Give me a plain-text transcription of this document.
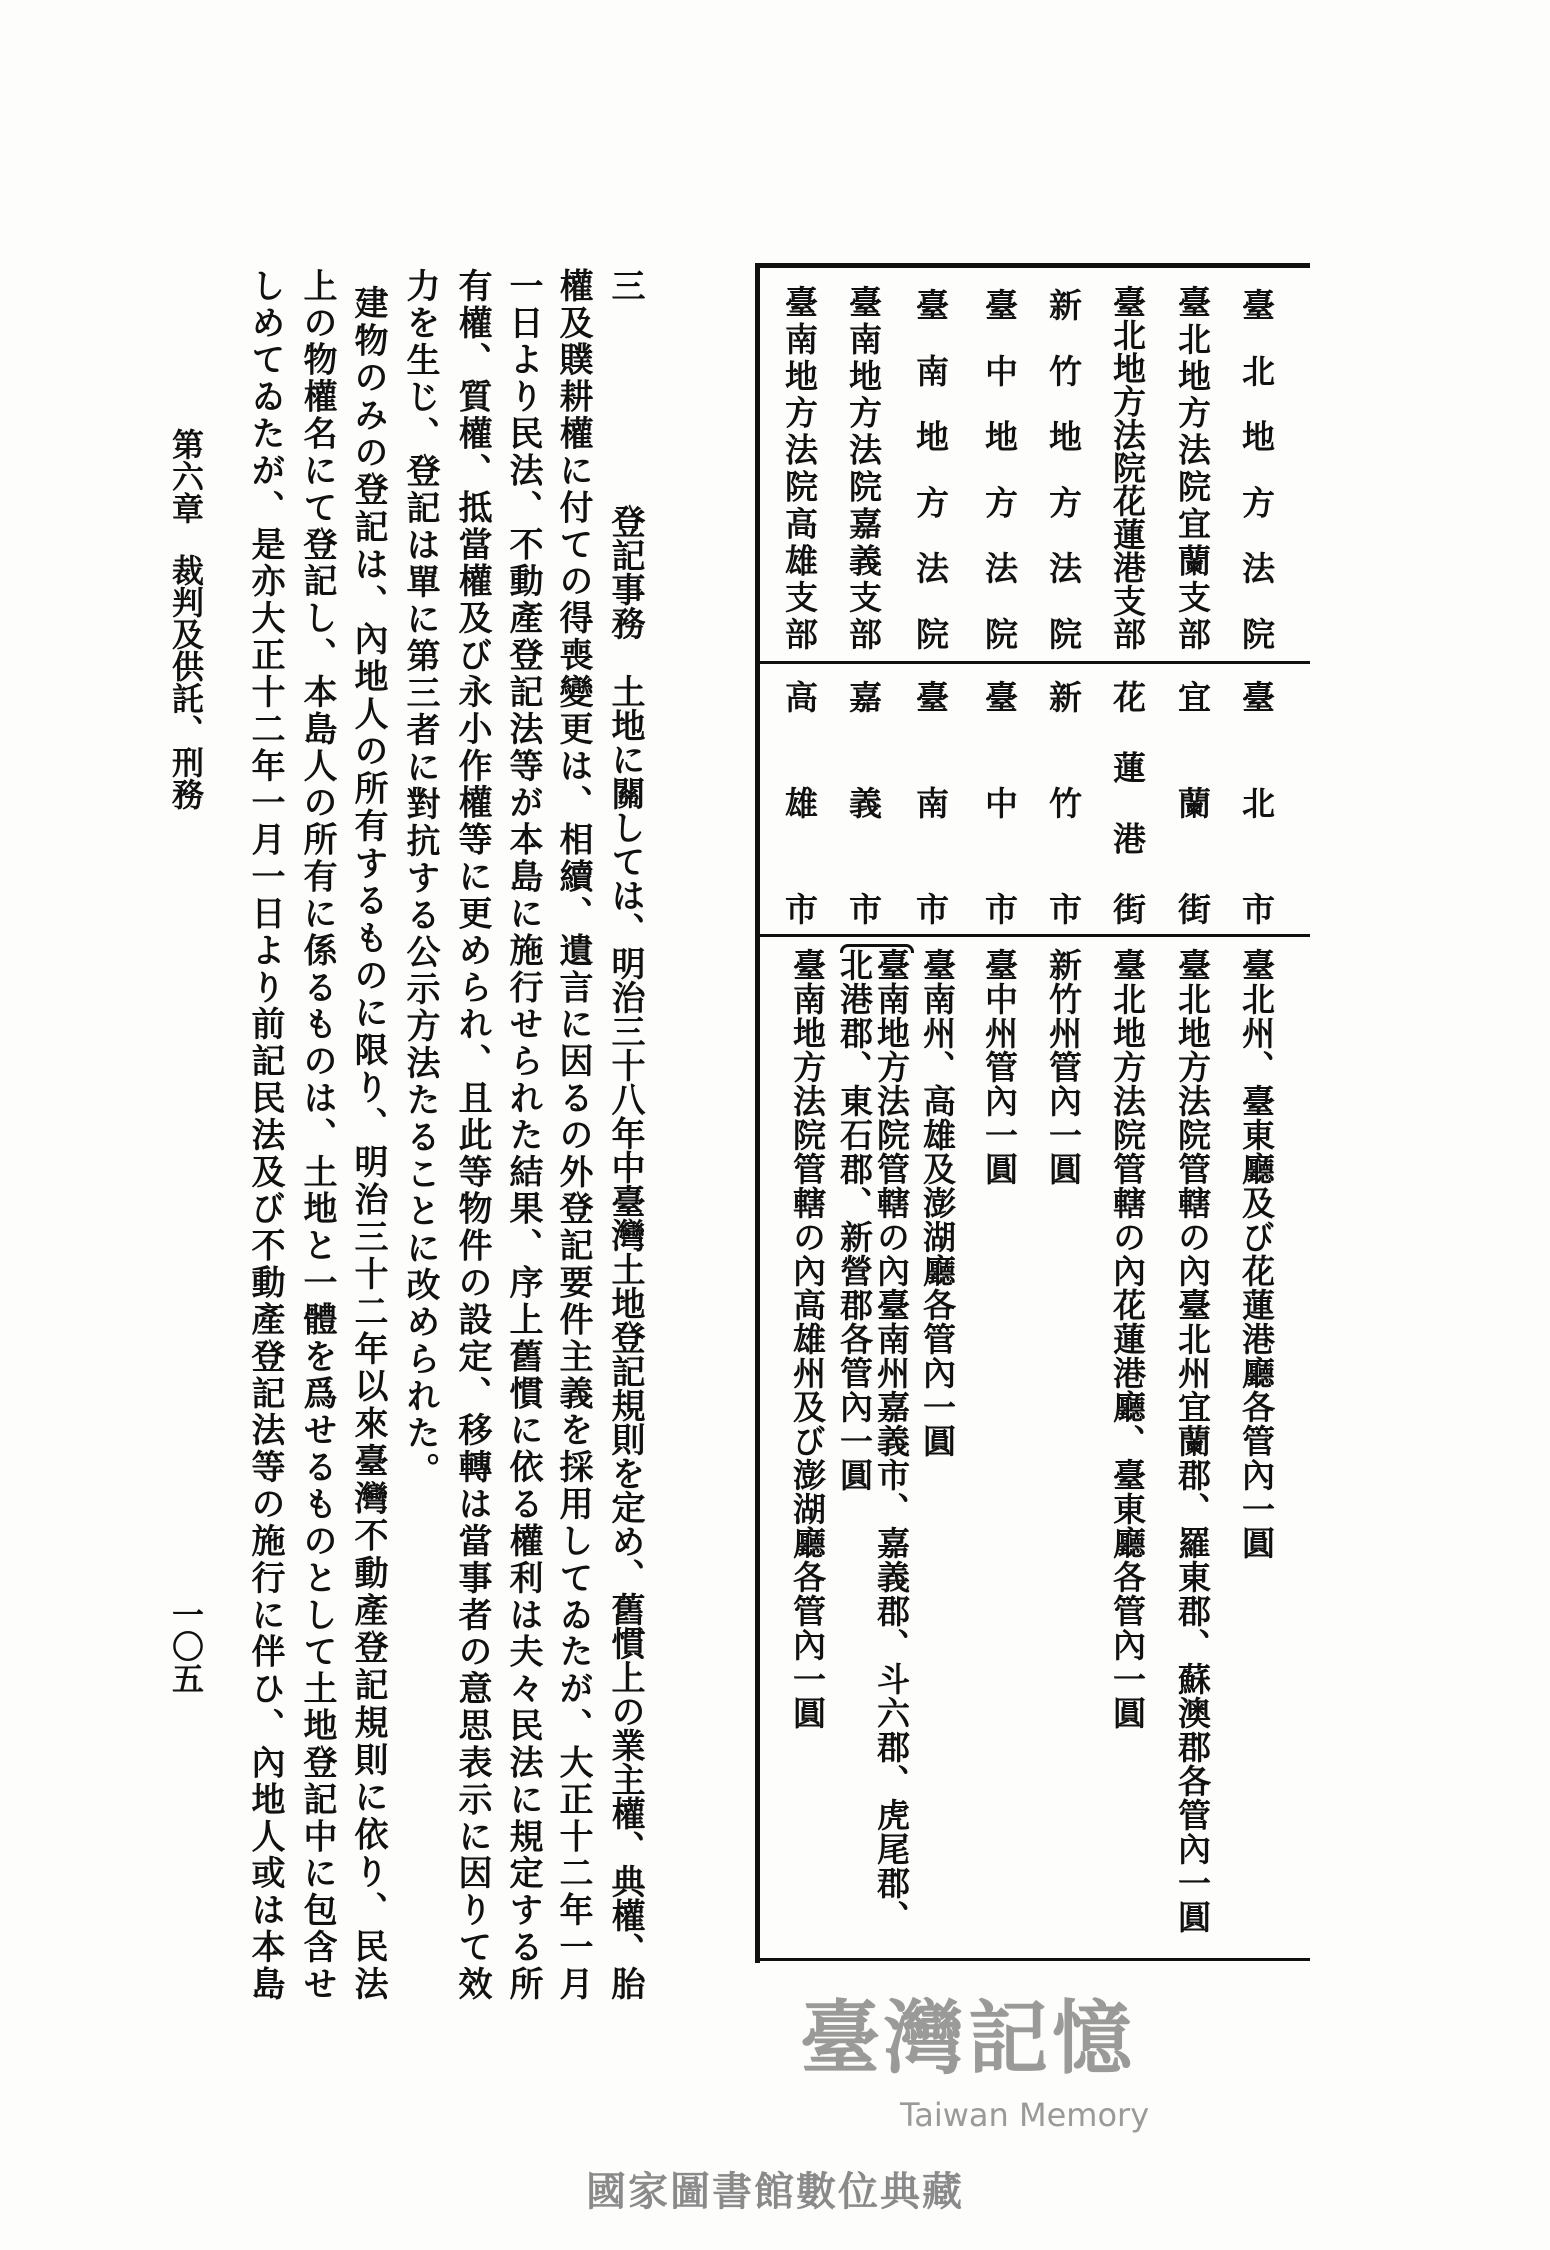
臺北地方法院
臺北地方法院宜蘭支部
臺北地方法院花蓮港支部
新竹地方法院
臺中地方法院
臺南地方法院
臺南地方法院嘉義支部
臺南地方法院高雄支部
臺北市
宜蘭街
花蓮港街
新竹市
臺中市
臺南市
嘉義市
高雄市
臺北州、臺東廳及び花蓮港廳各管內一圓
臺北地方法院管轄の內臺北州宜蘭郡、羅東郡、蘇澳郡各管內一圓
臺北地方法院管轄の內花蓮港廳、臺東廳各管內一圓
新竹州管內一圓
臺中州管內一圓
臺南州、高雄及澎湖廳各管內一圓
臺南地方法院管轄の內臺南州嘉義市、嘉義郡、斗六郡、虎尾郡、
北港郡、東石郡、新營郡各管內一圓
臺南地方法院管轄の內高雄州及び澎湖廳各管內一圓
三登記事務土地に關しては、明治三十八年中臺灣土地登記規則を定め、舊慣上の業主權、典權、胎
權及贌耕權に付ての得喪變更は、相續、遺言に因るの外登記要件主義を採用してゐたが、大正十二年一月
一日より民法、不動產登記法等が本島に施行せられた結果、序上舊慣に依る權利は夫々民法に規定する所
有權、質權、抵當權及び永小作權等に更められ、且此等物件の設定、移轉は當事者の意思表示に因りて效
力を生じ、登記は單に第三者に對抗する公示方法たることに改められた。
建物のみの登記は、內地人の所有するものに限り、明治三十二年以來臺灣不動產登記規則に依り、民法
上の物權名にて登記し、本島人の所有に係るものは、土地と一體を爲せるものとして土地登記中に包含せ
しめてゐたが、是亦大正十二年一月一日より前記民法及び不動產登記法等の施行に伴ひ、內地人或は本島
第六章裁判及供託、刑務
一〇五
臺灣記憶
Taiwan Memory
國家圖書館數位典藏
